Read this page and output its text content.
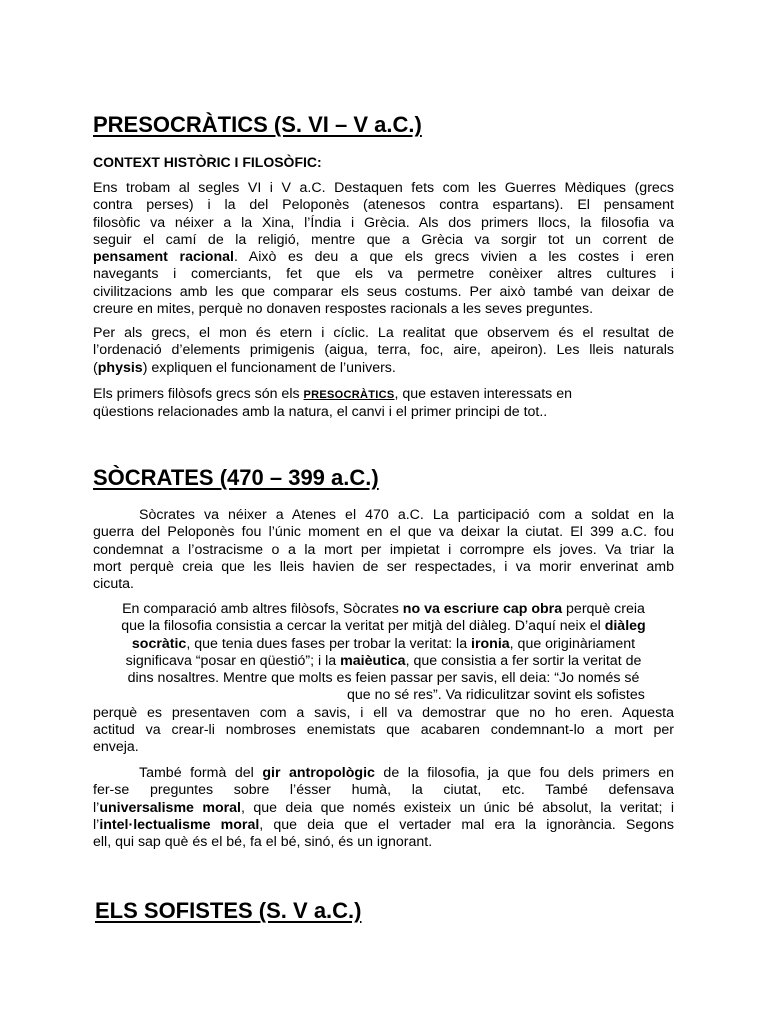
PRESOCRÀTICS (S. VI – V a.C.)
CONTEXT HISTÒRIC I FILOSÒFIC:
Ens trobam al segles VI i V a.C. Destaquen fets com les Guerres Mèdiques (grecs
contra perses) i la del Peloponès (atenesos contra espartans). El pensament
filosòfic va néixer a la Xina, l’Índia i Grècia. Als dos primers llocs, la filosofia va
seguir el camí de la religió, mentre que a Grècia va sorgir tot un corrent de
pensament racional. Això es deu a que els grecs vivien a les costes i eren
navegants i comerciants, fet que els va permetre conèixer altres cultures i
civilitzacions amb les que comparar els seus costums. Per això també van deixar de
creure en mites, perquè no donaven respostes racionals a les seves preguntes.
Per als grecs, el mon és etern i cíclic. La realitat que observem és el resultat de
l’ordenació d’elements primigenis (aigua, terra, foc, aire, apeiron). Les lleis naturals
(physis) expliquen el funcionament de l’univers.
Els primers filòsofs grecs són els PRESOCRÀTICS, que estaven interessats en
qüestions relacionades amb la natura, el canvi i el primer principi de tot..
SÒCRATES (470 – 399 a.C.)
Sòcrates va néixer a Atenes el 470 a.C. La participació com a soldat en la
guerra del Peloponès fou l’únic moment en el que va deixar la ciutat. El 399 a.C. fou
condemnat a l’ostracisme o a la mort per impietat i corrompre els joves. Va triar la
mort perquè creia que les lleis havien de ser respectades, i va morir enverinat amb
cicuta.
En comparació amb altres filòsofs, Sòcrates no va escriure cap obra perquè creia
que la filosofia consistia a cercar la veritat per mitjà del diàleg. D’aquí neix el diàleg
socràtic, que tenia dues fases per trobar la veritat: la ironia, que originàriament
significava “posar en qüestió”; i la maièutica, que consistia a fer sortir la veritat de
dins nosaltres. Mentre que molts es feien passar per savis, ell deia: “Jo només sé
que no sé res”. Va ridiculitzar sovint els sofistes
perquè es presentaven com a savis, i ell va demostrar que no ho eren. Aquesta
actitud va crear-li nombroses enemistats que acabaren condemnant-lo a mort per
enveja.
També formà del gir antropològic de la filosofia, ja que fou dels primers en
fer-se preguntes sobre l’ésser humà, la ciutat, etc. També defensava
l’universalisme moral, que deia que només existeix un únic bé absolut, la veritat; i
l’intel·lectualisme moral, que deia que el vertader mal era la ignorància. Segons
ell, qui sap què és el bé, fa el bé, sinó, és un ignorant.
ELS SOFISTES (S. V a.C.)
